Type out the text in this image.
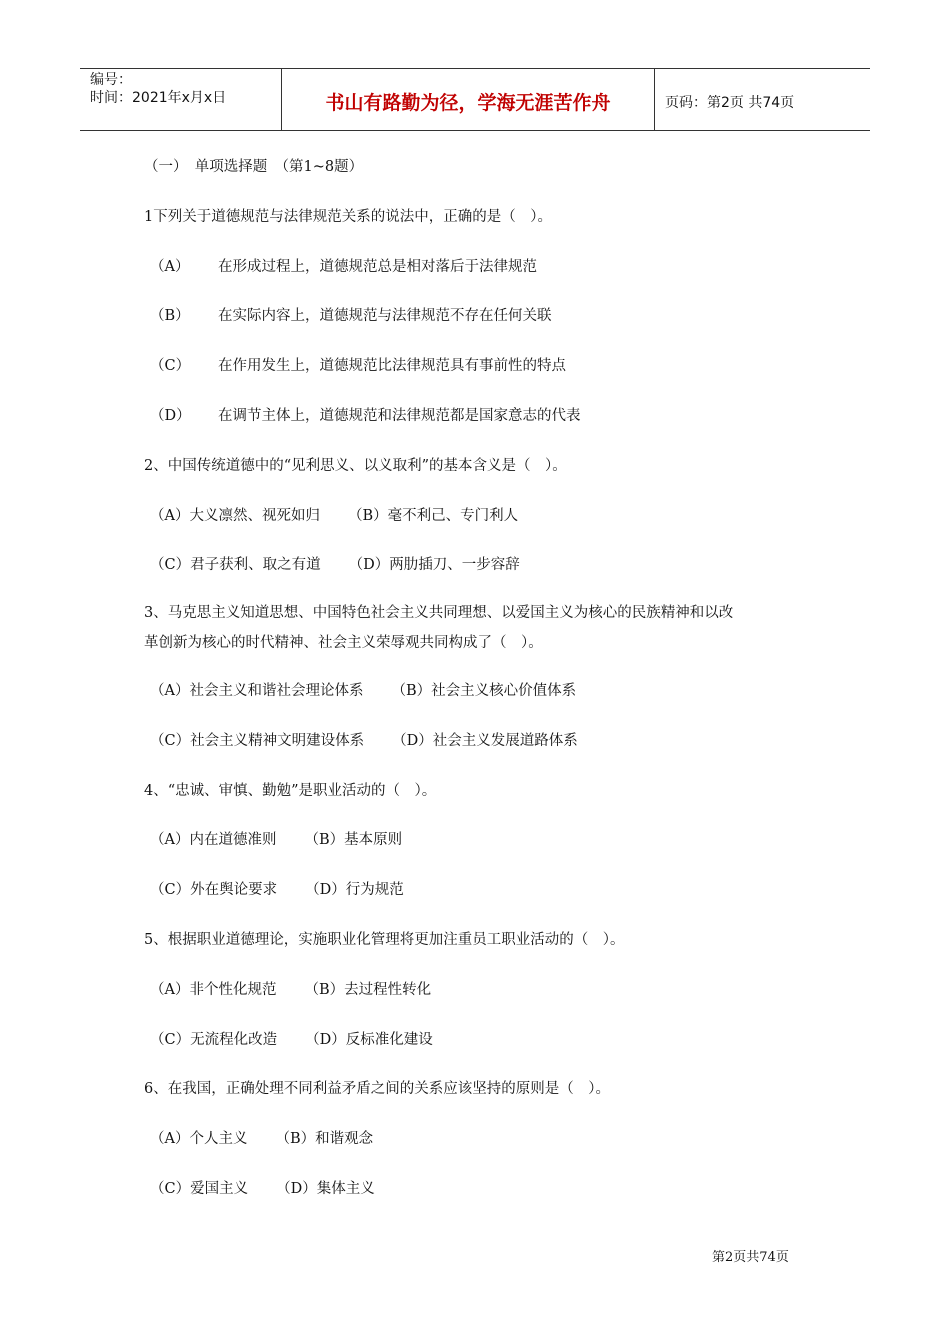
编号：
时间：2021年x月x日	书山有路勤为径，学海无涯苦作舟	页码：第2页 共74页
（一）　单项选择题　（第1~8题）
1下列关于道德规范与法律规范关系的说法中，正确的是（　）。
（A） 在形成过程上，道德规范总是相对落后于法律规范
（B） 在实际内容上，道德规范与法律规范不存在任何关联
（C） 在作用发生上，道德规范比法律规范具有事前性的特点
（D） 在调节主体上，道德规范和法律规范都是国家意志的代表
2、中国传统道德中的“见利思义、以义取利”的基本含义是（　）。
（A）大义凛然、视死如归 （B）毫不利己、专门利人
（C）君子获利、取之有道 （D）两肋插刀、一步容辞
3、马克思主义知道思想、中国特色社会主义共同理想、以爱国主义为核心的民族精神和以改
革创新为核心的时代精神、社会主义荣辱观共同构成了（　）。
（A）社会主义和谐社会理论体系 （B）社会主义核心价值体系
（C）社会主义精神文明建设体系 （D）社会主义发展道路体系
4、“忠诚、审慎、勤勉”是职业活动的（　）。
（A）内在道德准则 （B）基本原则
（C）外在舆论要求 （D）行为规范
5、根据职业道德理论，实施职业化管理将更加注重员工职业活动的（　）。
（A）非个性化规范 （B）去过程性转化
（C）无流程化改造 （D）反标准化建设
6、在我国，正确处理不同利益矛盾之间的关系应该坚持的原则是（　）。
（A）个人主义 （B）和谐观念
（C）爱国主义 （D）集体主义
第2页共74页
